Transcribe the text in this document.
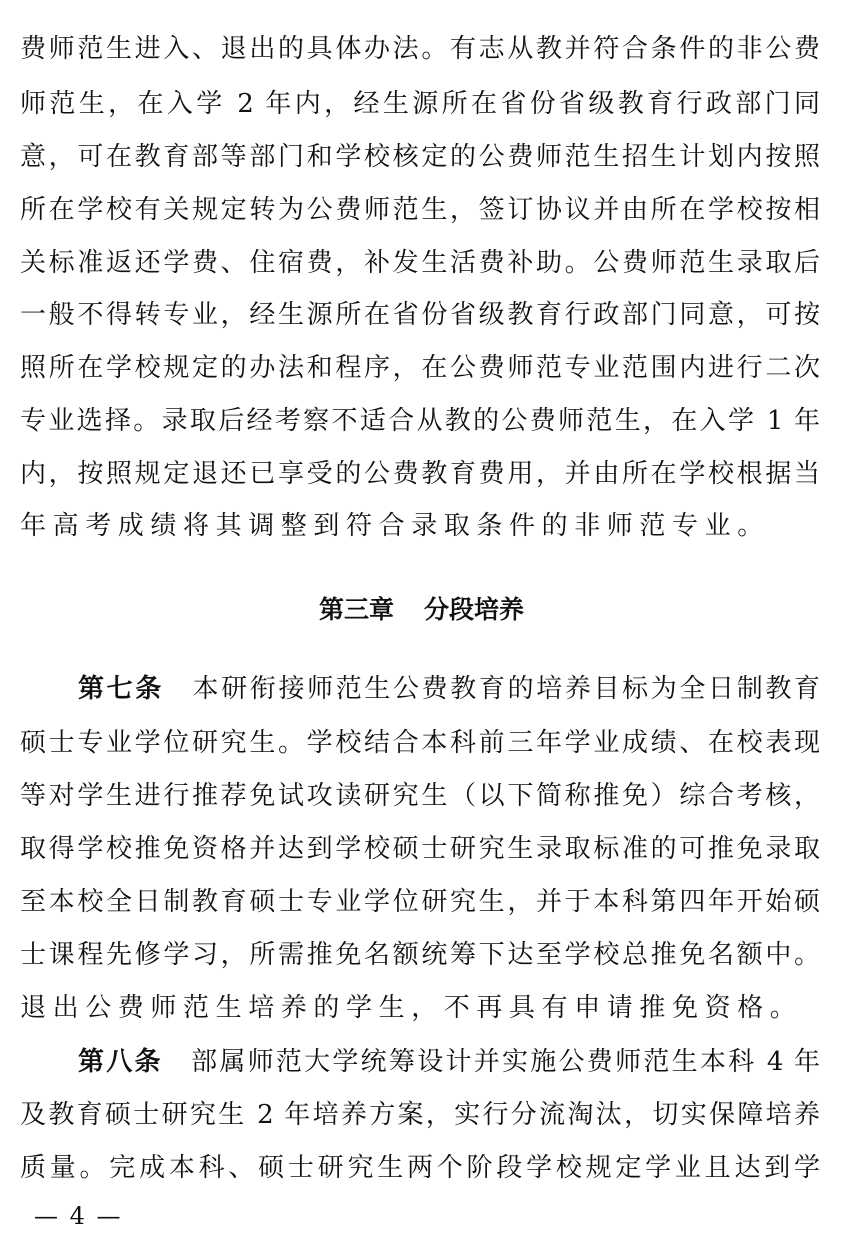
费师范生进入、退出的具体办法。有志从教并符合条件的非公费
师范生，在入学 2 年内，经生源所在省份省级教育行政部门同
意，可在教育部等部门和学校核定的公费师范生招生计划内按照
所在学校有关规定转为公费师范生，签订协议并由所在学校按相
关标准返还学费、住宿费，补发生活费补助。公费师范生录取后
一般不得转专业，经生源所在省份省级教育行政部门同意，可按
照所在学校规定的办法和程序，在公费师范专业范围内进行二次
专业选择。录取后经考察不适合从教的公费师范生，在入学 1 年
内，按照规定退还已享受的公费教育费用，并由所在学校根据当
年高考成绩将其调整到符合录取条件的非师范专业。
第三章 分段培养
第七条 本研衔接师范生公费教育的培养目标为全日制教育
硕士专业学位研究生。学校结合本科前三年学业成绩、在校表现
等对学生进行推荐免试攻读研究生（以下简称推免）综合考核，
取得学校推免资格并达到学校硕士研究生录取标准的可推免录取
至本校全日制教育硕士专业学位研究生，并于本科第四年开始硕
士课程先修学习，所需推免名额统筹下达至学校总推免名额中。
退出公费师范生培养的学生，不再具有申请推免资格。
第八条 部属师范大学统筹设计并实施公费师范生本科 4 年
及教育硕士研究生 2 年培养方案，实行分流淘汰，切实保障培养
质量。完成本科、硕士研究生两个阶段学校规定学业且达到学
— 4 —
